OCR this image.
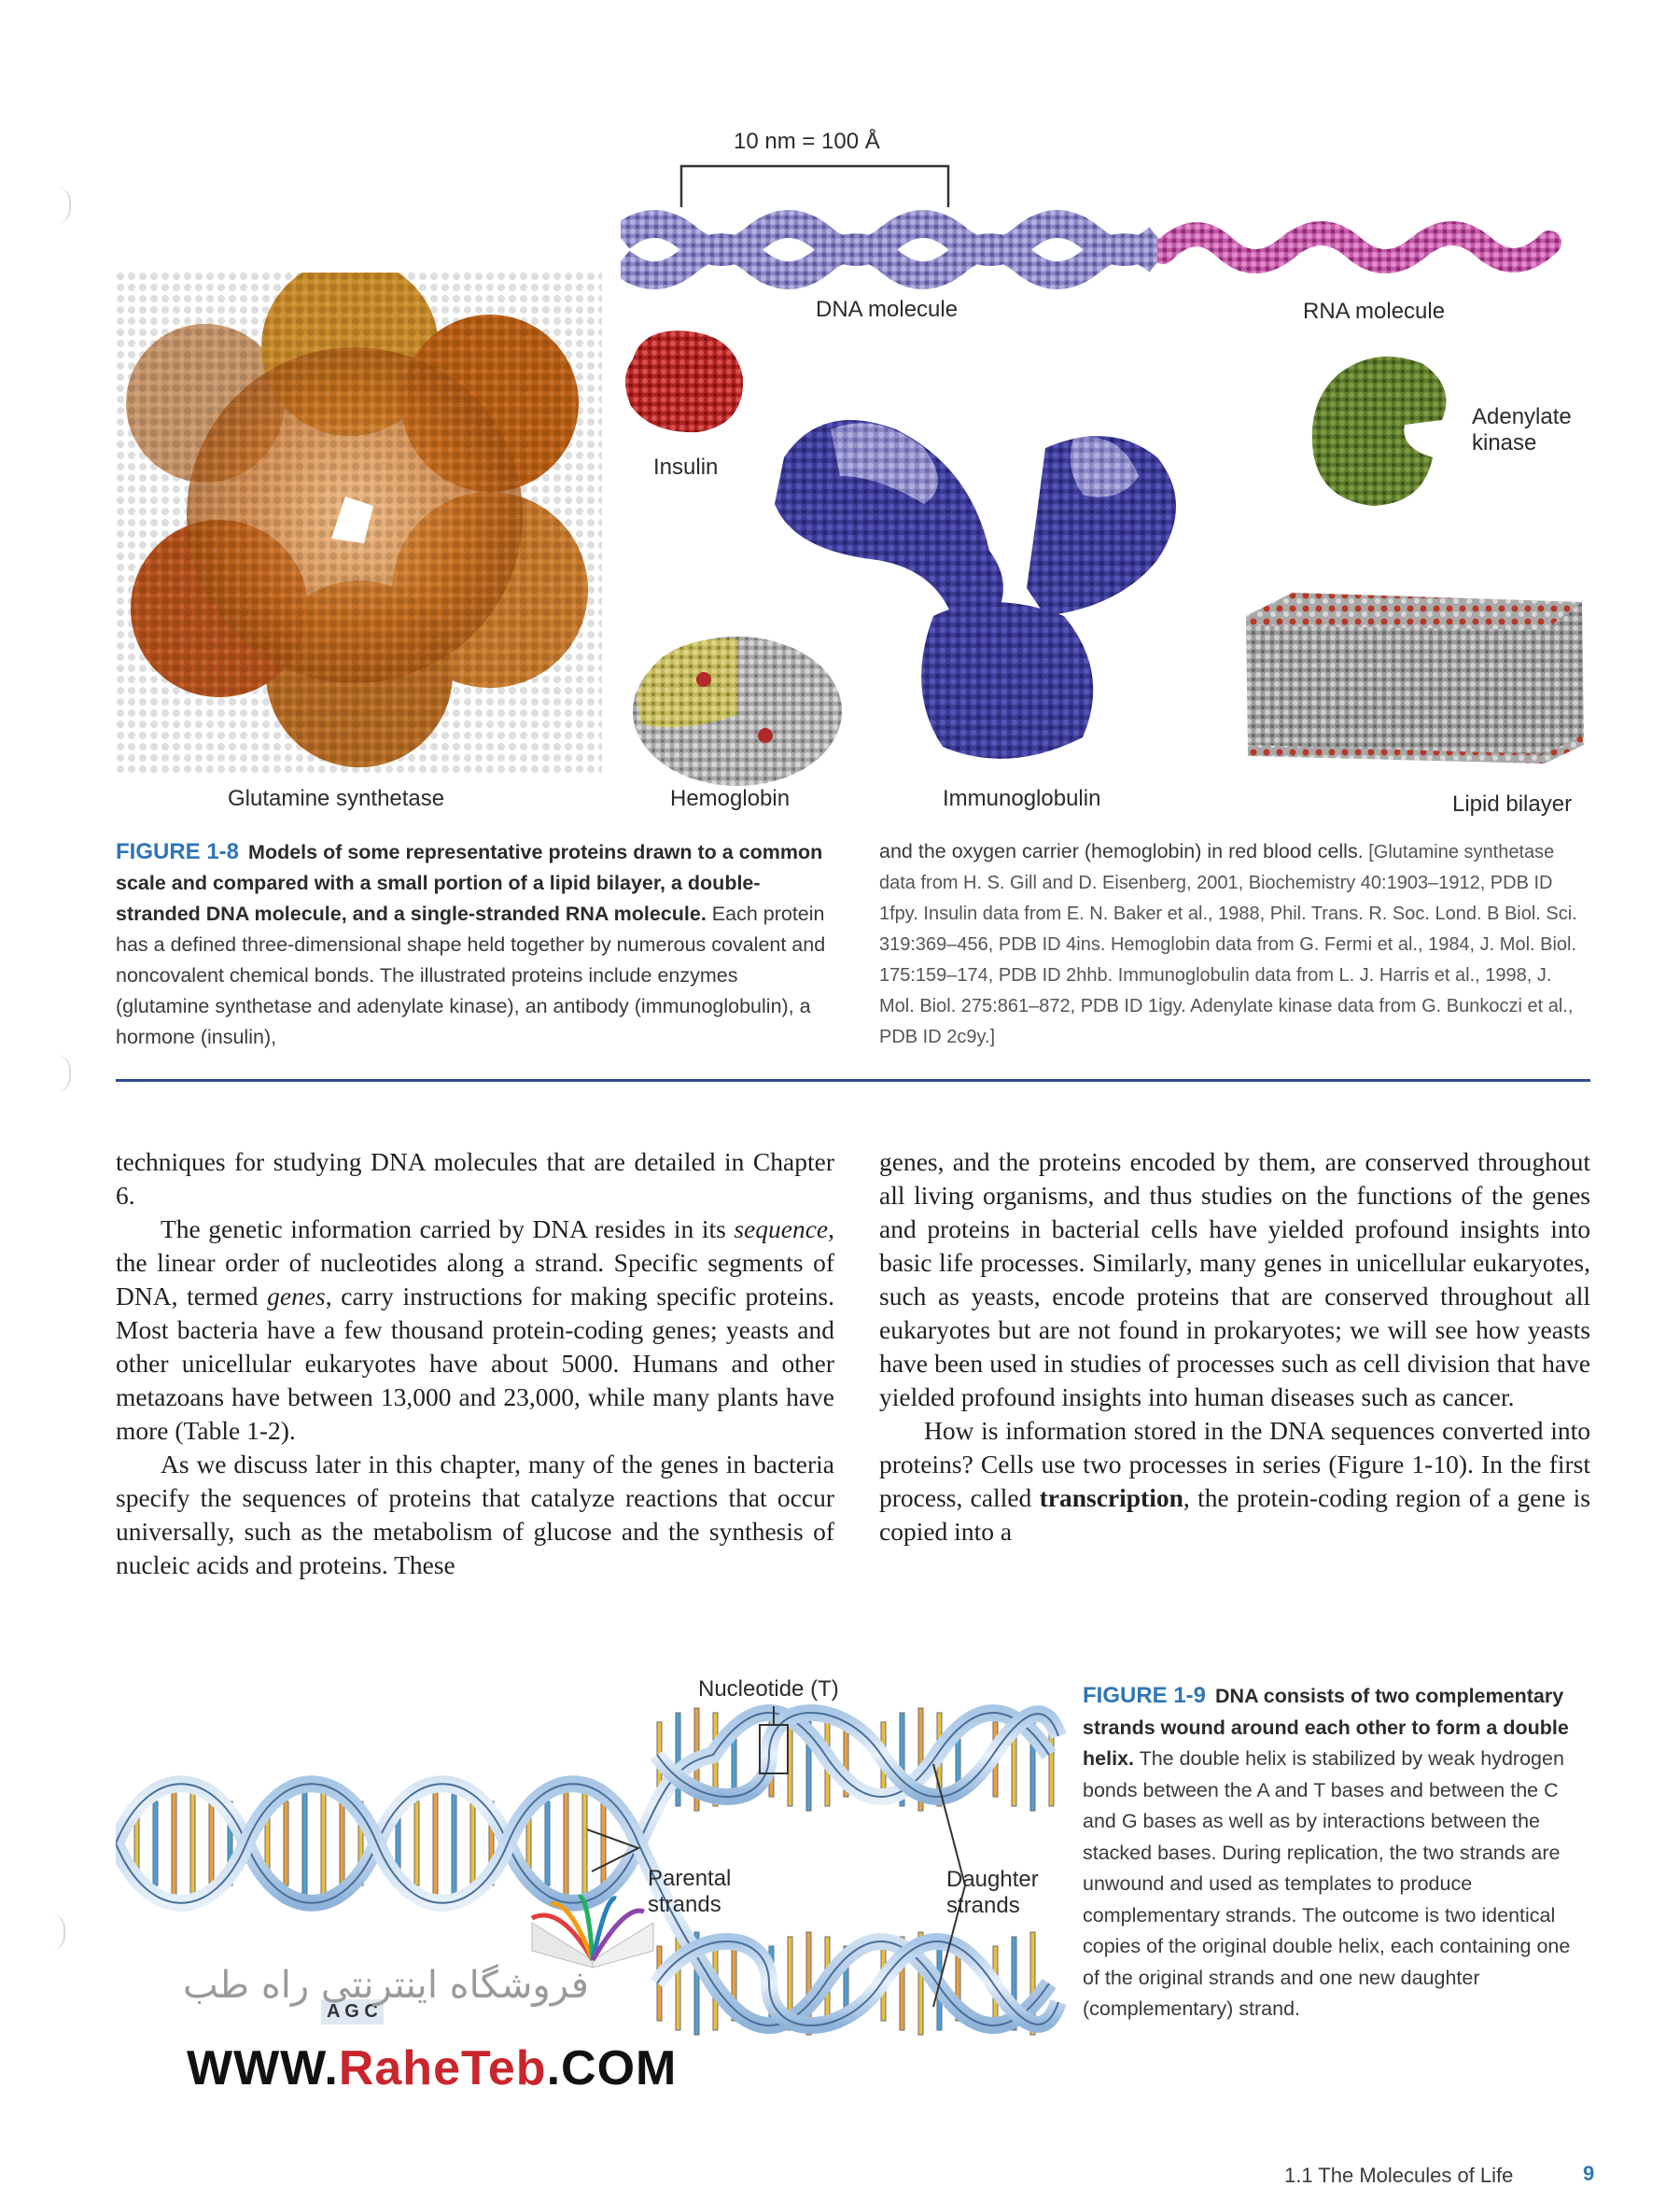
10 nm = 100 Å
DNA molecule	RNA molecule
Glutamine synthetase
Insulin
Adenylate
kinase
Immunoglobulin
Hemoglobin	Lipid bilayer
FIGURE 1-8 Models of some representative proteins drawn to a common scale and compared with a small portion of a lipid bilayer, a double-stranded DNA molecule, and a single-stranded RNA molecule. Each protein has a defined three-dimensional shape held together by numerous covalent and noncovalent chemical bonds. The illustrated proteins include enzymes (glutamine synthetase and adenylate kinase), an antibody (immunoglobulin), a hormone (insulin),
and the oxygen carrier (hemoglobin) in red blood cells. [Glutamine synthetase data from H. S. Gill and D. Eisenberg, 2001, Biochemistry 40:1903–1912, PDB ID 1fpy. Insulin data from E. N. Baker et al., 1988, Phil. Trans. R. Soc. Lond. B Biol. Sci. 319:369–456, PDB ID 4ins. Hemoglobin data from G. Fermi et al., 1984, J. Mol. Biol. 175:159–174, PDB ID 2hhb. Immunoglobulin data from L. J. Harris et al., 1998, J. Mol. Biol. 275:861–872, PDB ID 1igy. Adenylate kinase data from G. Bunkoczi et al., PDB ID 2c9y.]

techniques for studying DNA molecules that are detailed in Chapter 6.

The genetic information carried by DNA resides in its sequence, the linear order of nucleotides along a strand. Specific segments of DNA, termed genes, carry instructions for making specific proteins. Most bacteria have a few thousand protein-coding genes; yeasts and other unicellular eukaryotes have about 5000. Humans and other metazoans have between 13,000 and 23,000, while many plants have more (Table 1-2).

As we discuss later in this chapter, many of the genes in bacteria specify the sequences of proteins that catalyze reactions that occur universally, such as the metabolism of glucose and the synthesis of nucleic acids and proteins. These

genes, and the proteins encoded by them, are conserved throughout all living organisms, and thus studies on the functions of the genes and proteins in bacterial cells have yielded profound insights into basic life processes. Similarly, many genes in unicellular eukaryotes, such as yeasts, encode proteins that are conserved throughout all eukaryotes but are not found in prokaryotes; we will see how yeasts have been used in studies of processes such as cell division that have yielded profound insights into human diseases such as cancer.

How is information stored in the DNA sequences converted into proteins? Cells use two processes in series (Figure 1-10). In the first process, called transcription, the protein-coding region of a gene is copied into a

Nucleotide (T)
Parental
strands
Daughter
strands
A G C
FIGURE 1-9 DNA consists of two complementary strands wound around each other to form a double helix. The double helix is stabilized by weak hydrogen bonds between the A and T bases and between the C and G bases as well as by interactions between the stacked bases. During replication, the two strands are unwound and used as templates to produce complementary strands. The outcome is two identical copies of the original double helix, each containing one of the original strands and one new daughter (complementary) strand.
فروشگاه اینترنتی راه طب
WWW.RaheTeb.COM
1.1 The Molecules of Life	9
